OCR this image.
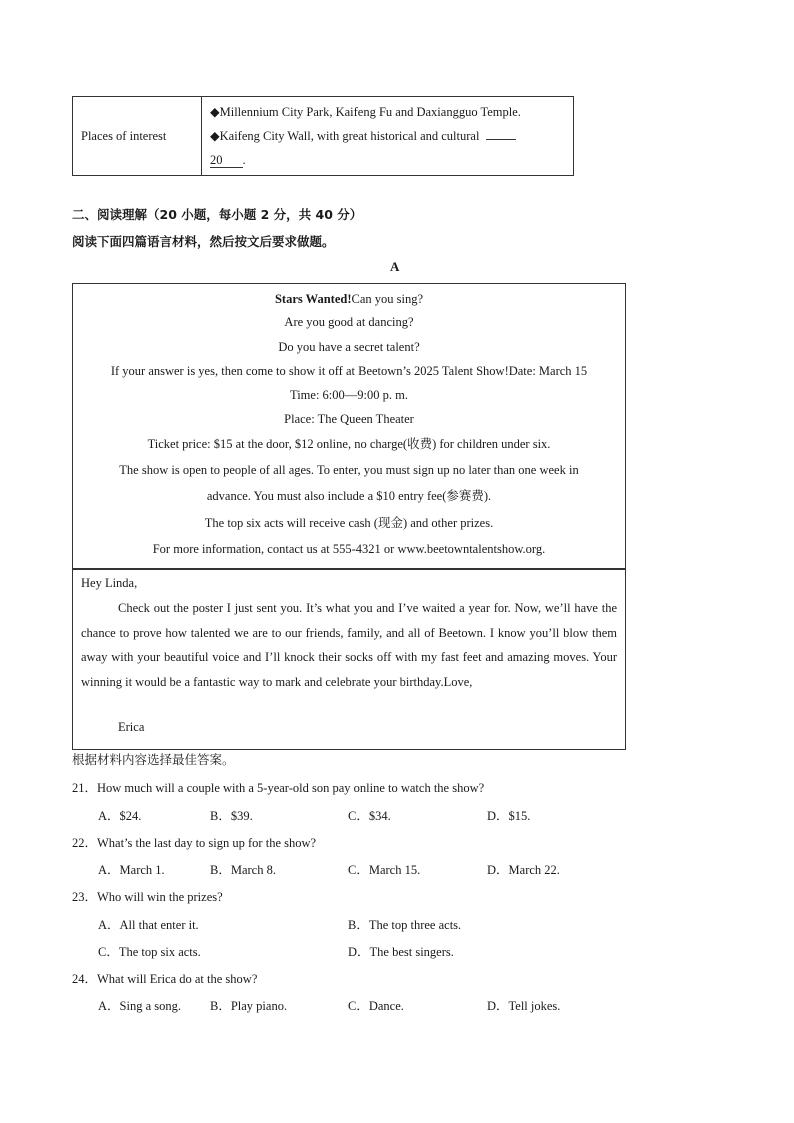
Places of interest	
◆Millennium City Park, Kaifeng Fu and Daxiangguo Temple.
◆Kaifeng City Wall, with great historical and cultural
20 .
二、阅读理解（20 小题，每小题 2 分，共 40 分）
阅读下面四篇语言材料，然后按文后要求做题。
A
Stars Wanted!Can you sing?
Are you good at dancing?
Do you have a secret talent?
If your answer is yes, then come to show it off at Beetown’s 2025 Talent Show!Date: March 15
Time: 6:00—9:00 p. m.
Place: The Queen Theater
Ticket price: $15 at the door, $12 online, no charge(收费) for children under six.
The show is open to people of all ages. To enter, you must sign up no later than one week in
advance. You must also include a $10 entry fee(参赛费).
The top six acts will receive cash (现金) and other prizes.
For more information, contact us at 555-4321 or www.beetowntalentshow.org.
Hey Linda,
Check out the poster I just sent you. It’s what you and I’ve waited a year for. Now, we’ll have the chance to prove how talented we are to our friends, family, and all of Beetown. I know you’ll blow them away with your beautiful voice and I’ll knock their socks off with my fast feet and amazing moves. Your winning it would be a fantastic way to mark and celebrate your birthday.Love,
Erica
根据材料内容选择最佳答案。
21．How much will a couple with a 5-year-old son pay online to watch the show?
A．$24.	B．$39.	C．$34.	D．$15.
22．What’s the last day to sign up for the show?
A．March 1.	B．March 8.	C．March 15.	D．March 22.
23．Who will win the prizes?
A．All that enter it.	B．The top three acts.
C．The top six acts.	D．The best singers.
24．What will Erica do at the show?
A．Sing a song. B．Play piano.	C．Dance.	D．Tell jokes.
